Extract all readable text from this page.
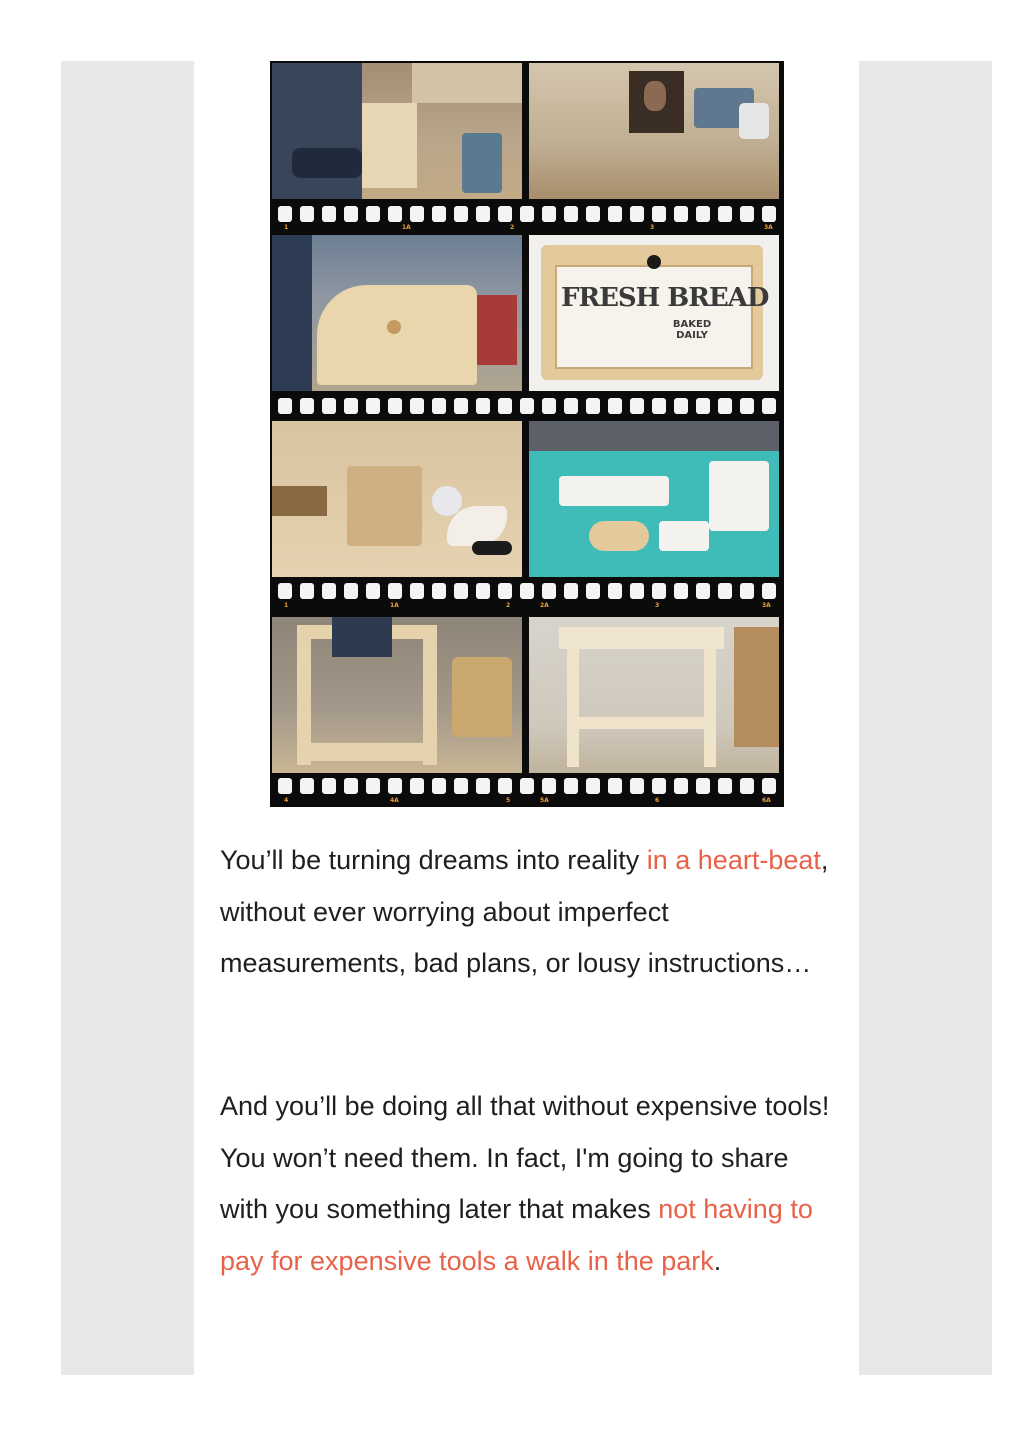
1	1A	2	3	3A
FRESH BREAD
BAKED DAILY
1	1A	2	2A	3	3A
4	4A	5	5A	6	6A

You’ll be turning dreams into reality in a heart-beat, without ever worrying about imperfect measurements, bad plans, or lousy instructions…

And you’ll be doing all that without expensive tools! You won’t need them. In fact, I'm going to share with you something later that makes not having to pay for expensive tools a walk in the park.
